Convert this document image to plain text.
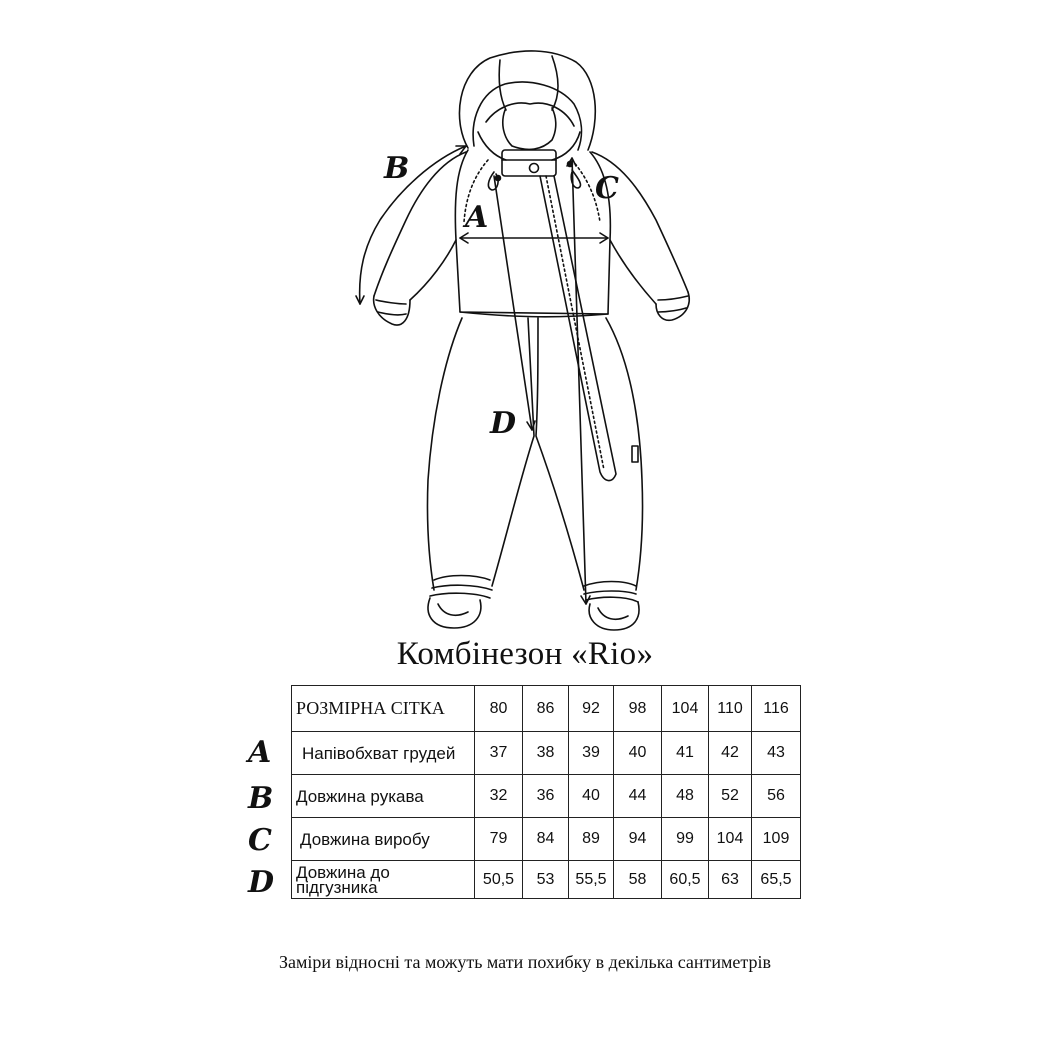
B
A
C
D
Комбінезон «Rio»
РОЗМІРНА СІТКА	80	86	92	98	104	110	116
Напівобхват грудей	37	38	39	40	41	42	43
Довжина рукава	32	36	40	44	48	52	56
Довжина виробу	79	84	89	94	99	104	109
Довжина до підгузника	50,5	53	55,5	58	60,5	63	65,5
A
B
C
D
Заміри відносні та можуть мати похибку в декілька сантиметрів
